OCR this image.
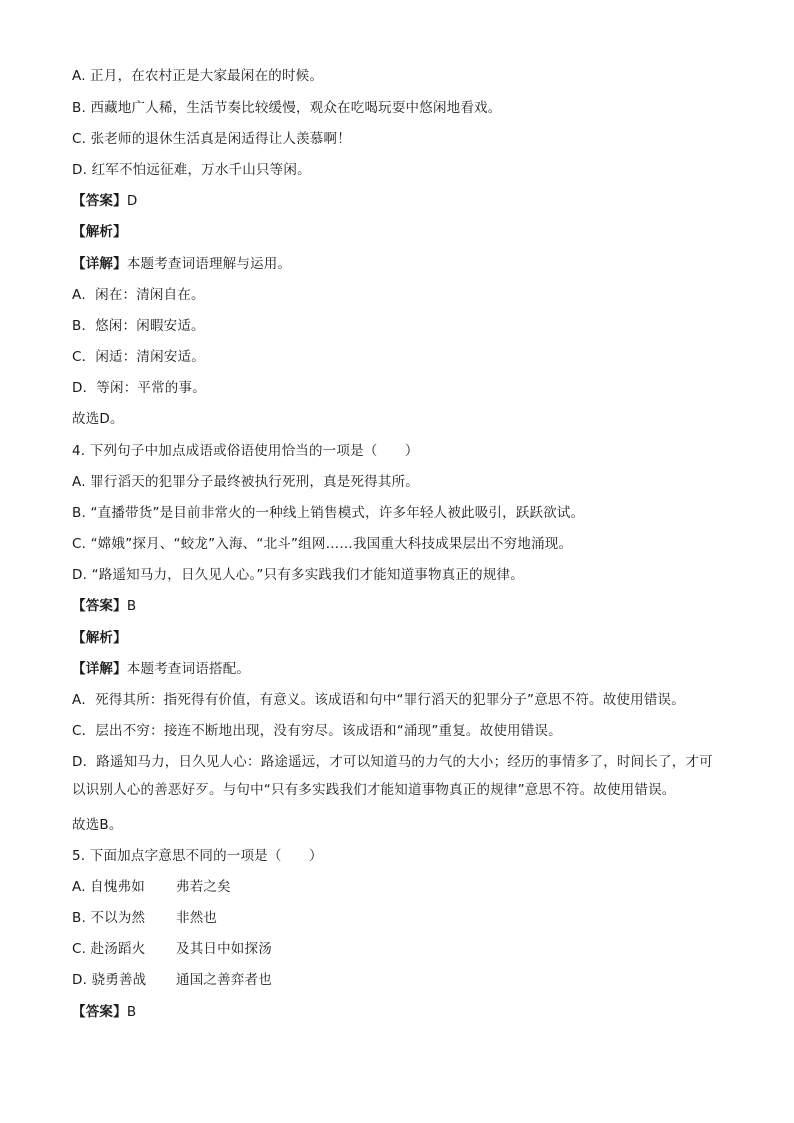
A. 正月，在农村正是大家最闲在的时候。
B. 西藏地广人稀，生活节奏比较缓慢，观众在吃喝玩耍中悠闲地看戏。
C. 张老师的退休生活真是闲适得让人羡慕啊！
D. 红军不怕远征难，万水千山只等闲。
【答案】D
【解析】
【详解】本题考查词语理解与运用。
A．闲在：清闲自在。
B．悠闲：闲暇安适。
C．闲适：清闲安适。
D．等闲：平常的事。
故选D。
4. 下列句子中加点成语或俗语使用恰当的一项是（　　）
A. 罪行滔天的犯罪分子最终被执行死刑，真是死得其所。
B. “直播带货”是目前非常火的一种线上销售模式，许多年轻人被此吸引，跃跃欲试。
C. “嫦娥”探月、“蛟龙”入海、“北斗”组网……我国重大科技成果层出不穷地涌现。
D. “路遥知马力，日久见人心。”只有多实践我们才能知道事物真正的规律。
【答案】B
【解析】
【详解】本题考查词语搭配。
A．死得其所：指死得有价值，有意义。该成语和句中“罪行滔天的犯罪分子”意思不符。故使用错误。
C．层出不穷：接连不断地出现，没有穷尽。该成语和“涌现”重复。故使用错误。
D．路遥知马力，日久见人心：路途遥远，才可以知道马的力气的大小；经历的事情多了，时间长了，才可以识别人心的善恶好歹。与句中“只有多实践我们才能知道事物真正的规律”意思不符。故使用错误。
故选B。
5. 下面加点字意思不同的一项是（　　）
A. 自愧弗如 弗若之矣
B. 不以为然 非然也
C. 赴汤蹈火 及其日中如探汤
D. 骁勇善战 通国之善弈者也
【答案】B
